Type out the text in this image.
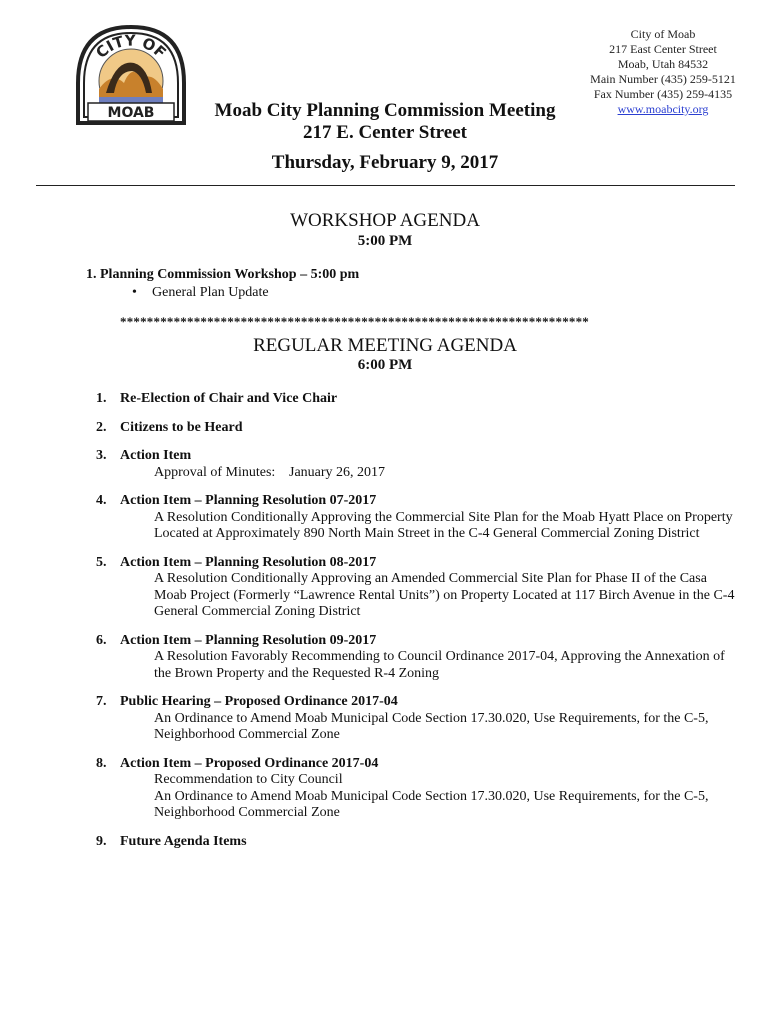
CITY OF
MOAB
City of Moab
217 East Center Street
Moab, Utah 84532
Main Number (435) 259-5121
Fax Number (435) 259-4135
www.moabcity.org
Moab City Planning Commission Meeting
217 E. Center Street
Thursday, February 9, 2017
WORKSHOP AGENDA
5:00 PM
1. Planning Commission Workshop – 5:00 pm
• General Plan Update
**********************************************************************
REGULAR MEETING AGENDA
6:00 PM
1. Re-Election of Chair and Vice Chair
2. Citizens to be Heard
3. Action Item
Approval of Minutes: January 26, 2017
4. Action Item – Planning Resolution 07-2017
A Resolution Conditionally Approving the Commercial Site Plan for the Moab Hyatt Place on Property Located at Approximately 890 North Main Street in the C-4 General Commercial Zoning District
5. Action Item – Planning Resolution 08-2017
A Resolution Conditionally Approving an Amended Commercial Site Plan for Phase II of the Casa Moab Project (Formerly “Lawrence Rental Units”) on Property Located at 117 Birch Avenue in the C-4 General Commercial Zoning District
6. Action Item – Planning Resolution 09-2017
A Resolution Favorably Recommending to Council Ordinance 2017-04, Approving the Annexation of the Brown Property and the Requested R-4 Zoning
7. Public Hearing – Proposed Ordinance 2017-04
An Ordinance to Amend Moab Municipal Code Section 17.30.020, Use Requirements, for the C-5, Neighborhood Commercial Zone
8. Action Item – Proposed Ordinance 2017-04
Recommendation to City Council
An Ordinance to Amend Moab Municipal Code Section 17.30.020, Use Requirements, for the C-5, Neighborhood Commercial Zone
9. Future Agenda Items
